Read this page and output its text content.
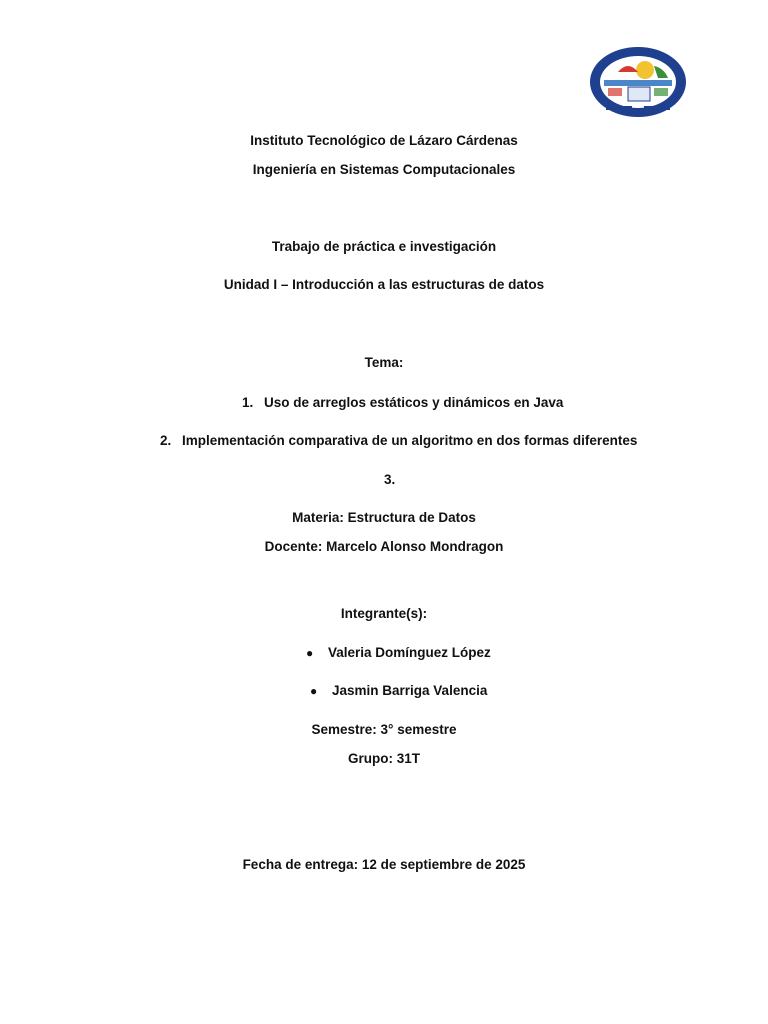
Instituto Tecnológico de Lázaro Cárdenas
Ingeniería en Sistemas Computacionales
Trabajo de práctica e investigación
Unidad I – Introducción a las estructuras de datos
Tema:
1. Uso de arreglos estáticos y dinámicos en Java
2. Implementación comparativa de un algoritmo en dos formas diferentes
3.
Materia: Estructura de Datos
Docente: Marcelo Alonso Mondragon
Integrante(s):
● Valeria Domínguez López
● Jasmin Barriga Valencia
Semestre: 3° semestre
Grupo: 31T
Fecha de entrega: 12 de septiembre de 2025
